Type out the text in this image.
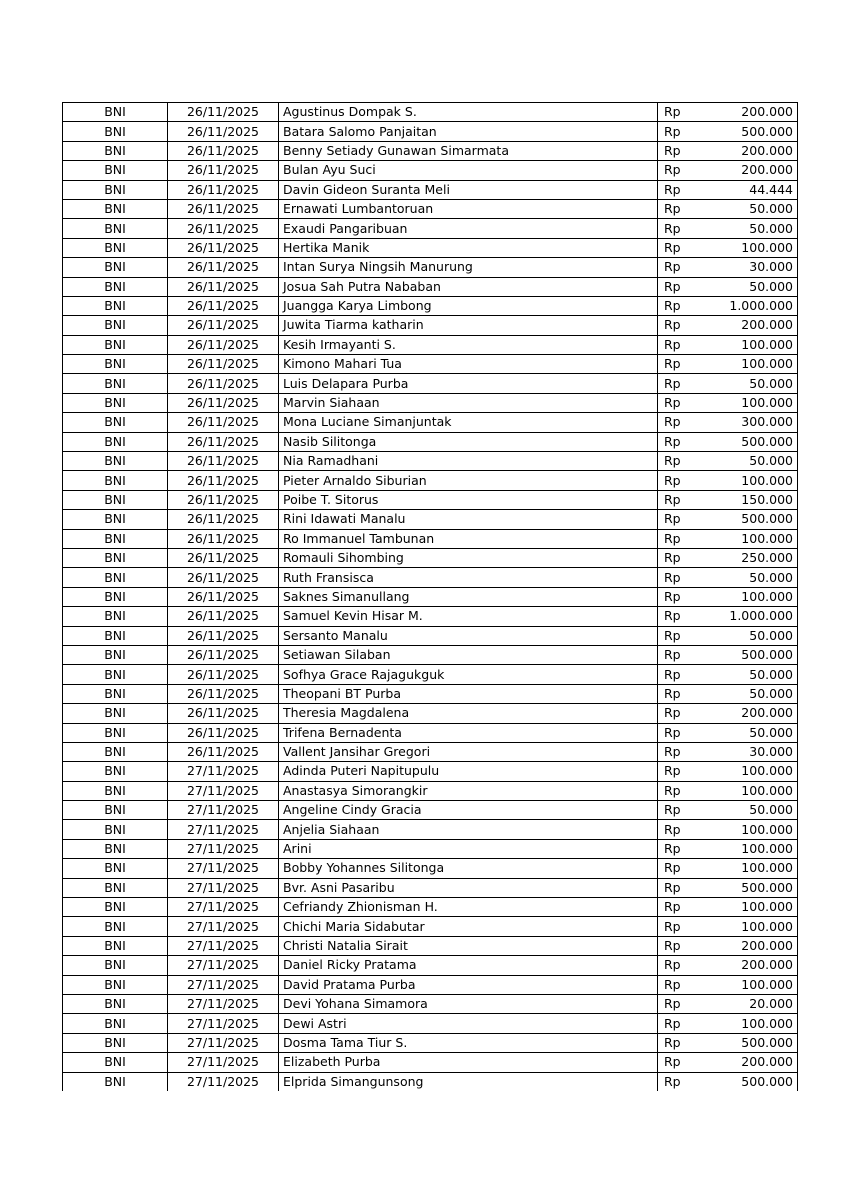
BNI	26/11/2025	Agustinus Dompak S.	Rp	200.000
BNI	26/11/2025	Batara Salomo Panjaitan	Rp	500.000
BNI	26/11/2025	Benny Setiady Gunawan Simarmata	Rp	200.000
BNI	26/11/2025	Bulan Ayu Suci	Rp	200.000
BNI	26/11/2025	Davin Gideon Suranta Meli	Rp	44.444
BNI	26/11/2025	Ernawati Lumbantoruan	Rp	50.000
BNI	26/11/2025	Exaudi Pangaribuan	Rp	50.000
BNI	26/11/2025	Hertika Manik	Rp	100.000
BNI	26/11/2025	Intan Surya Ningsih Manurung	Rp	30.000
BNI	26/11/2025	Josua Sah Putra Nababan	Rp	50.000
BNI	26/11/2025	Juangga Karya Limbong	Rp	1.000.000
BNI	26/11/2025	Juwita Tiarma katharin	Rp	200.000
BNI	26/11/2025	Kesih Irmayanti S.	Rp	100.000
BNI	26/11/2025	Kimono Mahari Tua	Rp	100.000
BNI	26/11/2025	Luis Delapara Purba	Rp	50.000
BNI	26/11/2025	Marvin Siahaan	Rp	100.000
BNI	26/11/2025	Mona Luciane Simanjuntak	Rp	300.000
BNI	26/11/2025	Nasib Silitonga	Rp	500.000
BNI	26/11/2025	Nia Ramadhani	Rp	50.000
BNI	26/11/2025	Pieter Arnaldo Siburian	Rp	100.000
BNI	26/11/2025	Poibe T. Sitorus	Rp	150.000
BNI	26/11/2025	Rini Idawati Manalu	Rp	500.000
BNI	26/11/2025	Ro Immanuel Tambunan	Rp	100.000
BNI	26/11/2025	Romauli Sihombing	Rp	250.000
BNI	26/11/2025	Ruth Fransisca	Rp	50.000
BNI	26/11/2025	Saknes Simanullang	Rp	100.000
BNI	26/11/2025	Samuel Kevin Hisar M.	Rp	1.000.000
BNI	26/11/2025	Sersanto Manalu	Rp	50.000
BNI	26/11/2025	Setiawan Silaban	Rp	500.000
BNI	26/11/2025	Sofhya Grace Rajagukguk	Rp	50.000
BNI	26/11/2025	Theopani BT Purba	Rp	50.000
BNI	26/11/2025	Theresia Magdalena	Rp	200.000
BNI	26/11/2025	Trifena Bernadenta	Rp	50.000
BNI	26/11/2025	Vallent Jansihar Gregori	Rp	30.000
BNI	27/11/2025	Adinda Puteri Napitupulu	Rp	100.000
BNI	27/11/2025	Anastasya Simorangkir	Rp	100.000
BNI	27/11/2025	Angeline Cindy Gracia	Rp	50.000
BNI	27/11/2025	Anjelia Siahaan	Rp	100.000
BNI	27/11/2025	Arini	Rp	100.000
BNI	27/11/2025	Bobby Yohannes Silitonga	Rp	100.000
BNI	27/11/2025	Bvr. Asni Pasaribu	Rp	500.000
BNI	27/11/2025	Cefriandy Zhionisman H.	Rp	100.000
BNI	27/11/2025	Chichi Maria Sidabutar	Rp	100.000
BNI	27/11/2025	Christi Natalia Sirait	Rp	200.000
BNI	27/11/2025	Daniel Ricky Pratama	Rp	200.000
BNI	27/11/2025	David Pratama Purba	Rp	100.000
BNI	27/11/2025	Devi Yohana Simamora	Rp	20.000
BNI	27/11/2025	Dewi Astri	Rp	100.000
BNI	27/11/2025	Dosma Tama Tiur S.	Rp	500.000
BNI	27/11/2025	Elizabeth Purba	Rp	200.000
BNI	27/11/2025	Elprida Simangunsong	Rp	500.000
